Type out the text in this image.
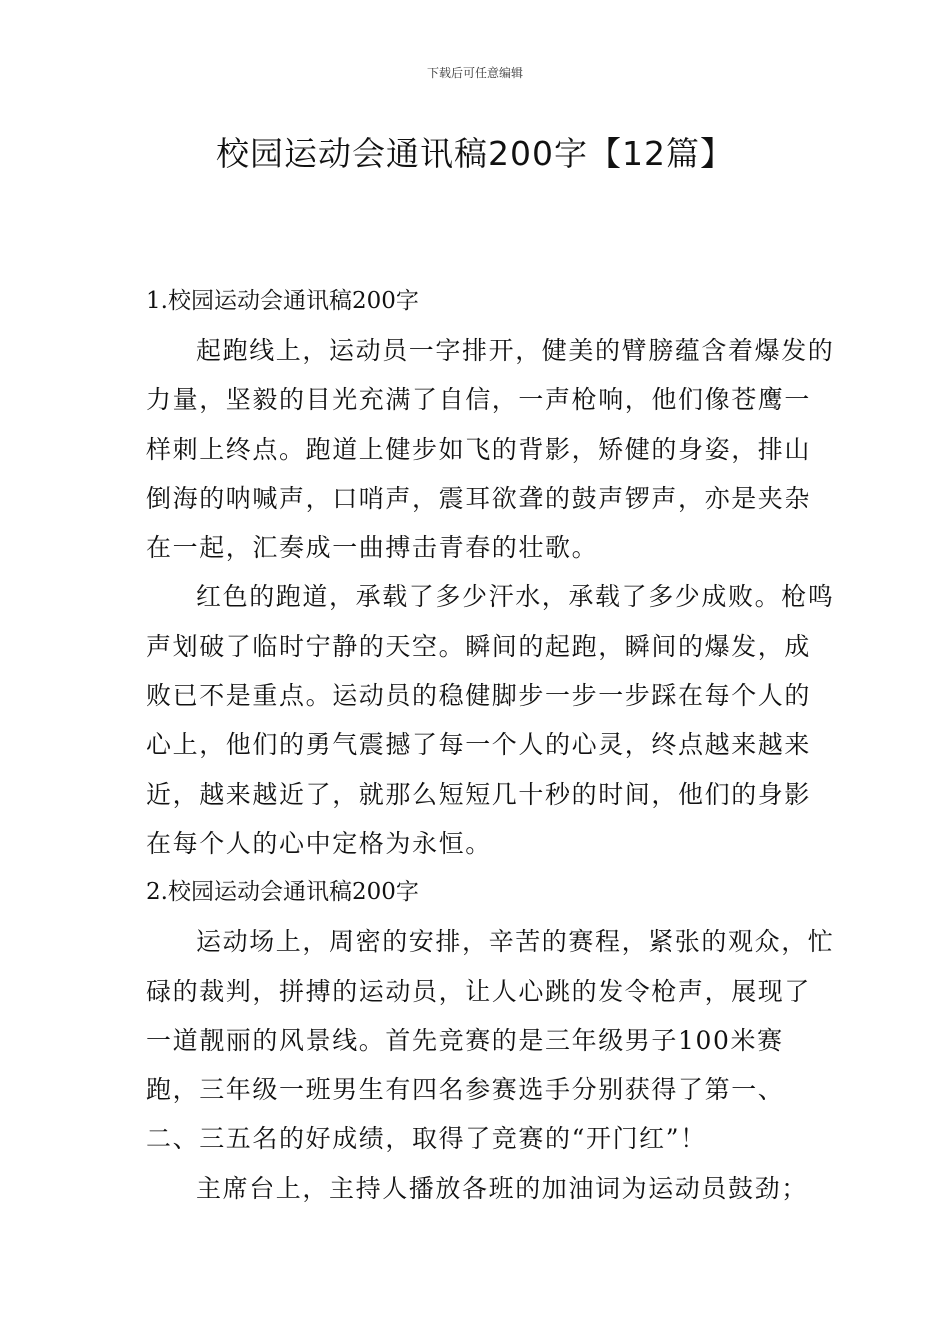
下载后可任意编辑
校园运动会通讯稿200字【12篇】
1.校园运动会通讯稿200字

起跑线上，运动员一字排开，健美的臂膀蕴含着爆发的力量，坚毅的目光充满了自信，一声枪响，他们像苍鹰一样刺上终点。跑道上健步如飞的背影，矫健的身姿，排山倒海的呐喊声，口哨声，震耳欲聋的鼓声锣声，亦是夹杂在一起，汇奏成一曲搏击青春的壮歌。

红色的跑道，承载了多少汗水，承载了多少成败。枪鸣声划破了临时宁静的天空。瞬间的起跑，瞬间的爆发，成败已不是重点。运动员的稳健脚步一步一步踩在每个人的心上，他们的勇气震撼了每一个人的心灵，终点越来越来近，越来越近了，就那么短短几十秒的时间，他们的身影在每个人的心中定格为永恒。

2.校园运动会通讯稿200字

运动场上，周密的安排，辛苦的赛程，紧张的观众，忙碌的裁判，拼搏的运动员，让人心跳的发令枪声，展现了一道靓丽的风景线。首先竞赛的是三年级男子100米赛跑，三年级一班男生有四名参赛选手分别获得了第一、二、三五名的好成绩，取得了竞赛的“开门红”！

主席台上，主持人播放各班的加油词为运动员鼓劲；
